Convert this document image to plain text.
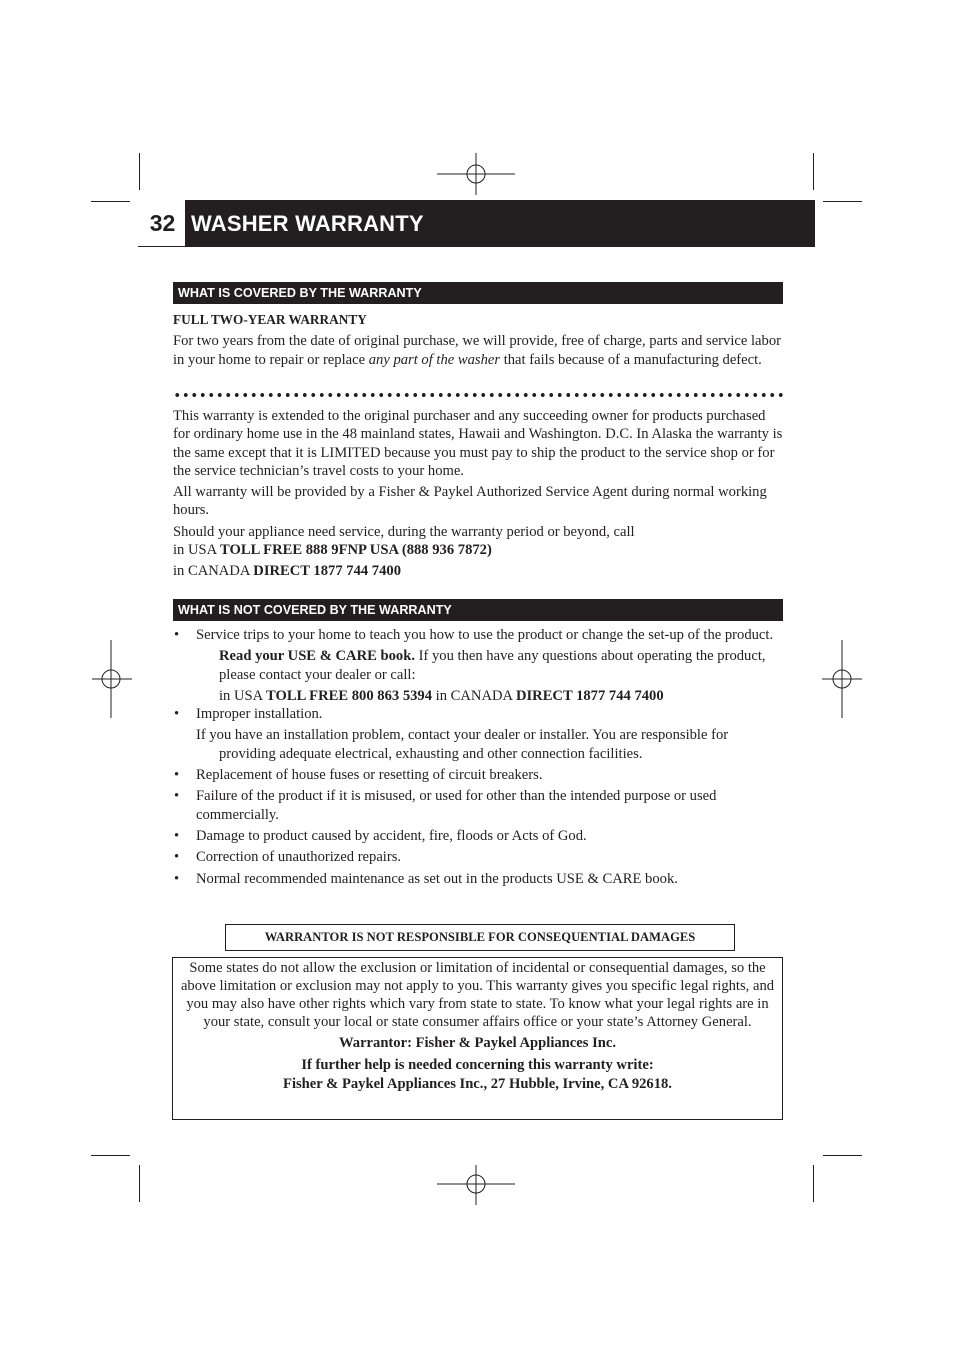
32 WASHER WARRANTY
WHAT IS COVERED BY THE WARRANTY

FULL TWO-YEAR WARRANTY

For two years from the date of original purchase, we will provide, free of charge, parts and service labor in your home to repair or replace any part of the washer that fails because of a manufacturing defect.

This warranty is extended to the original purchaser and any succeeding owner for products purchased for ordinary home use in the 48 mainland states, Hawaii and Washington. D.C. In Alaska the warranty is the same except that it is LIMITED because you must pay to ship the product to the service shop or for the service technician’s travel costs to your home.

All warranty will be provided by a Fisher & Paykel Authorized Service Agent during normal working hours.

Should your appliance need service, during the warranty period or beyond, call

in USA TOLL FREE 888 9FNP USA (888 936 7872)

in CANADA DIRECT 1877 744 7400

WHAT IS NOT COVERED BY THE WARRANTY
• Service trips to your home to teach you how to use the product or change the set-up of the product.

Read your USE & CARE book. If you then have any questions about operating the product, please contact your dealer or call:

in USA TOLL FREE 800 863 5394 in CANADA DIRECT 1877 744 7400

• Improper installation.

If you have an installation problem, contact your dealer or installer. You are responsible for providing adequate electrical, exhausting and other connection facilities.

• Replacement of house fuses or resetting of circuit breakers.
• Failure of the product if it is misused, or used for other than the intended purpose or used commercially.
• Damage to product caused by accident, fire, floods or Acts of God.
• Correction of unauthorized repairs.
• Normal recommended maintenance as set out in the products USE & CARE book.
WARRANTOR IS NOT RESPONSIBLE FOR CONSEQUENTIAL DAMAGES

Some states do not allow the exclusion or limitation of incidental or consequential damages, so the above limitation or exclusion may not apply to you. This warranty gives you specific legal rights, and you may also have other rights which vary from state to state. To know what your legal rights are in your state, consult your local or state consumer affairs office or your state’s Attorney General.

Warrantor: Fisher & Paykel Appliances Inc.

If further help is needed concerning this warranty write:

Fisher & Paykel Appliances Inc., 27 Hubble, Irvine, CA 92618.
